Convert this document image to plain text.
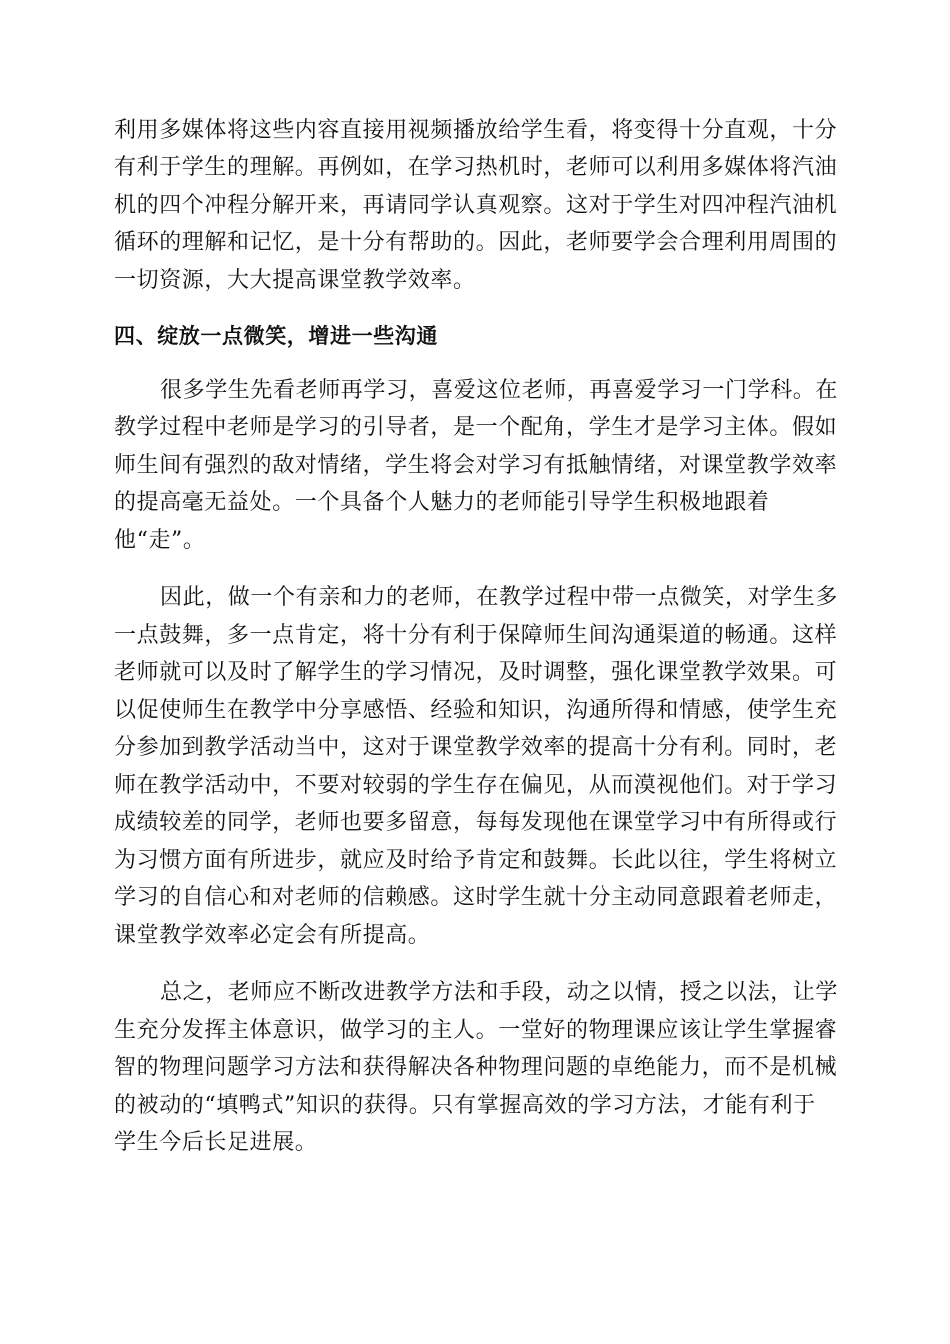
利用多媒体将这些内容直接用视频播放给学生看，将变得十分直观，十分
有利于学生的理解。再例如，在学习热机时，老师可以利用多媒体将汽油
机的四个冲程分解开来，再请同学认真观察。这对于学生对四冲程汽油机
循环的理解和记忆，是十分有帮助的。因此，老师要学会合理利用周围的
一切资源，大大提高课堂教学效率。
四、绽放一点微笑，增进一些沟通
很多学生先看老师再学习，喜爱这位老师，再喜爱学习一门学科。在
教学过程中老师是学习的引导者，是一个配角，学生才是学习主体。假如
师生间有强烈的敌对情绪，学生将会对学习有抵触情绪，对课堂教学效率
的提高毫无益处。一个具备个人魅力的老师能引导学生积极地跟着
他“走”。
因此，做一个有亲和力的老师，在教学过程中带一点微笑，对学生多
一点鼓舞，多一点肯定，将十分有利于保障师生间沟通渠道的畅通。这样
老师就可以及时了解学生的学习情况，及时调整，强化课堂教学效果。可
以促使师生在教学中分享感悟、经验和知识，沟通所得和情感，使学生充
分参加到教学活动当中，这对于课堂教学效率的提高十分有利。同时，老
师在教学活动中，不要对较弱的学生存在偏见，从而漠视他们。对于学习
成绩较差的同学，老师也要多留意，每每发现他在课堂学习中有所得或行
为习惯方面有所进步，就应及时给予肯定和鼓舞。长此以往，学生将树立
学习的自信心和对老师的信赖感。这时学生就十分主动同意跟着老师走，
课堂教学效率必定会有所提高。
总之，老师应不断改进教学方法和手段，动之以情，授之以法，让学
生充分发挥主体意识，做学习的主人。一堂好的物理课应该让学生掌握睿
智的物理问题学习方法和获得解决各种物理问题的卓绝能力，而不是机械
的被动的“填鸭式”知识的获得。只有掌握高效的学习方法，才能有利于
学生今后长足进展。
